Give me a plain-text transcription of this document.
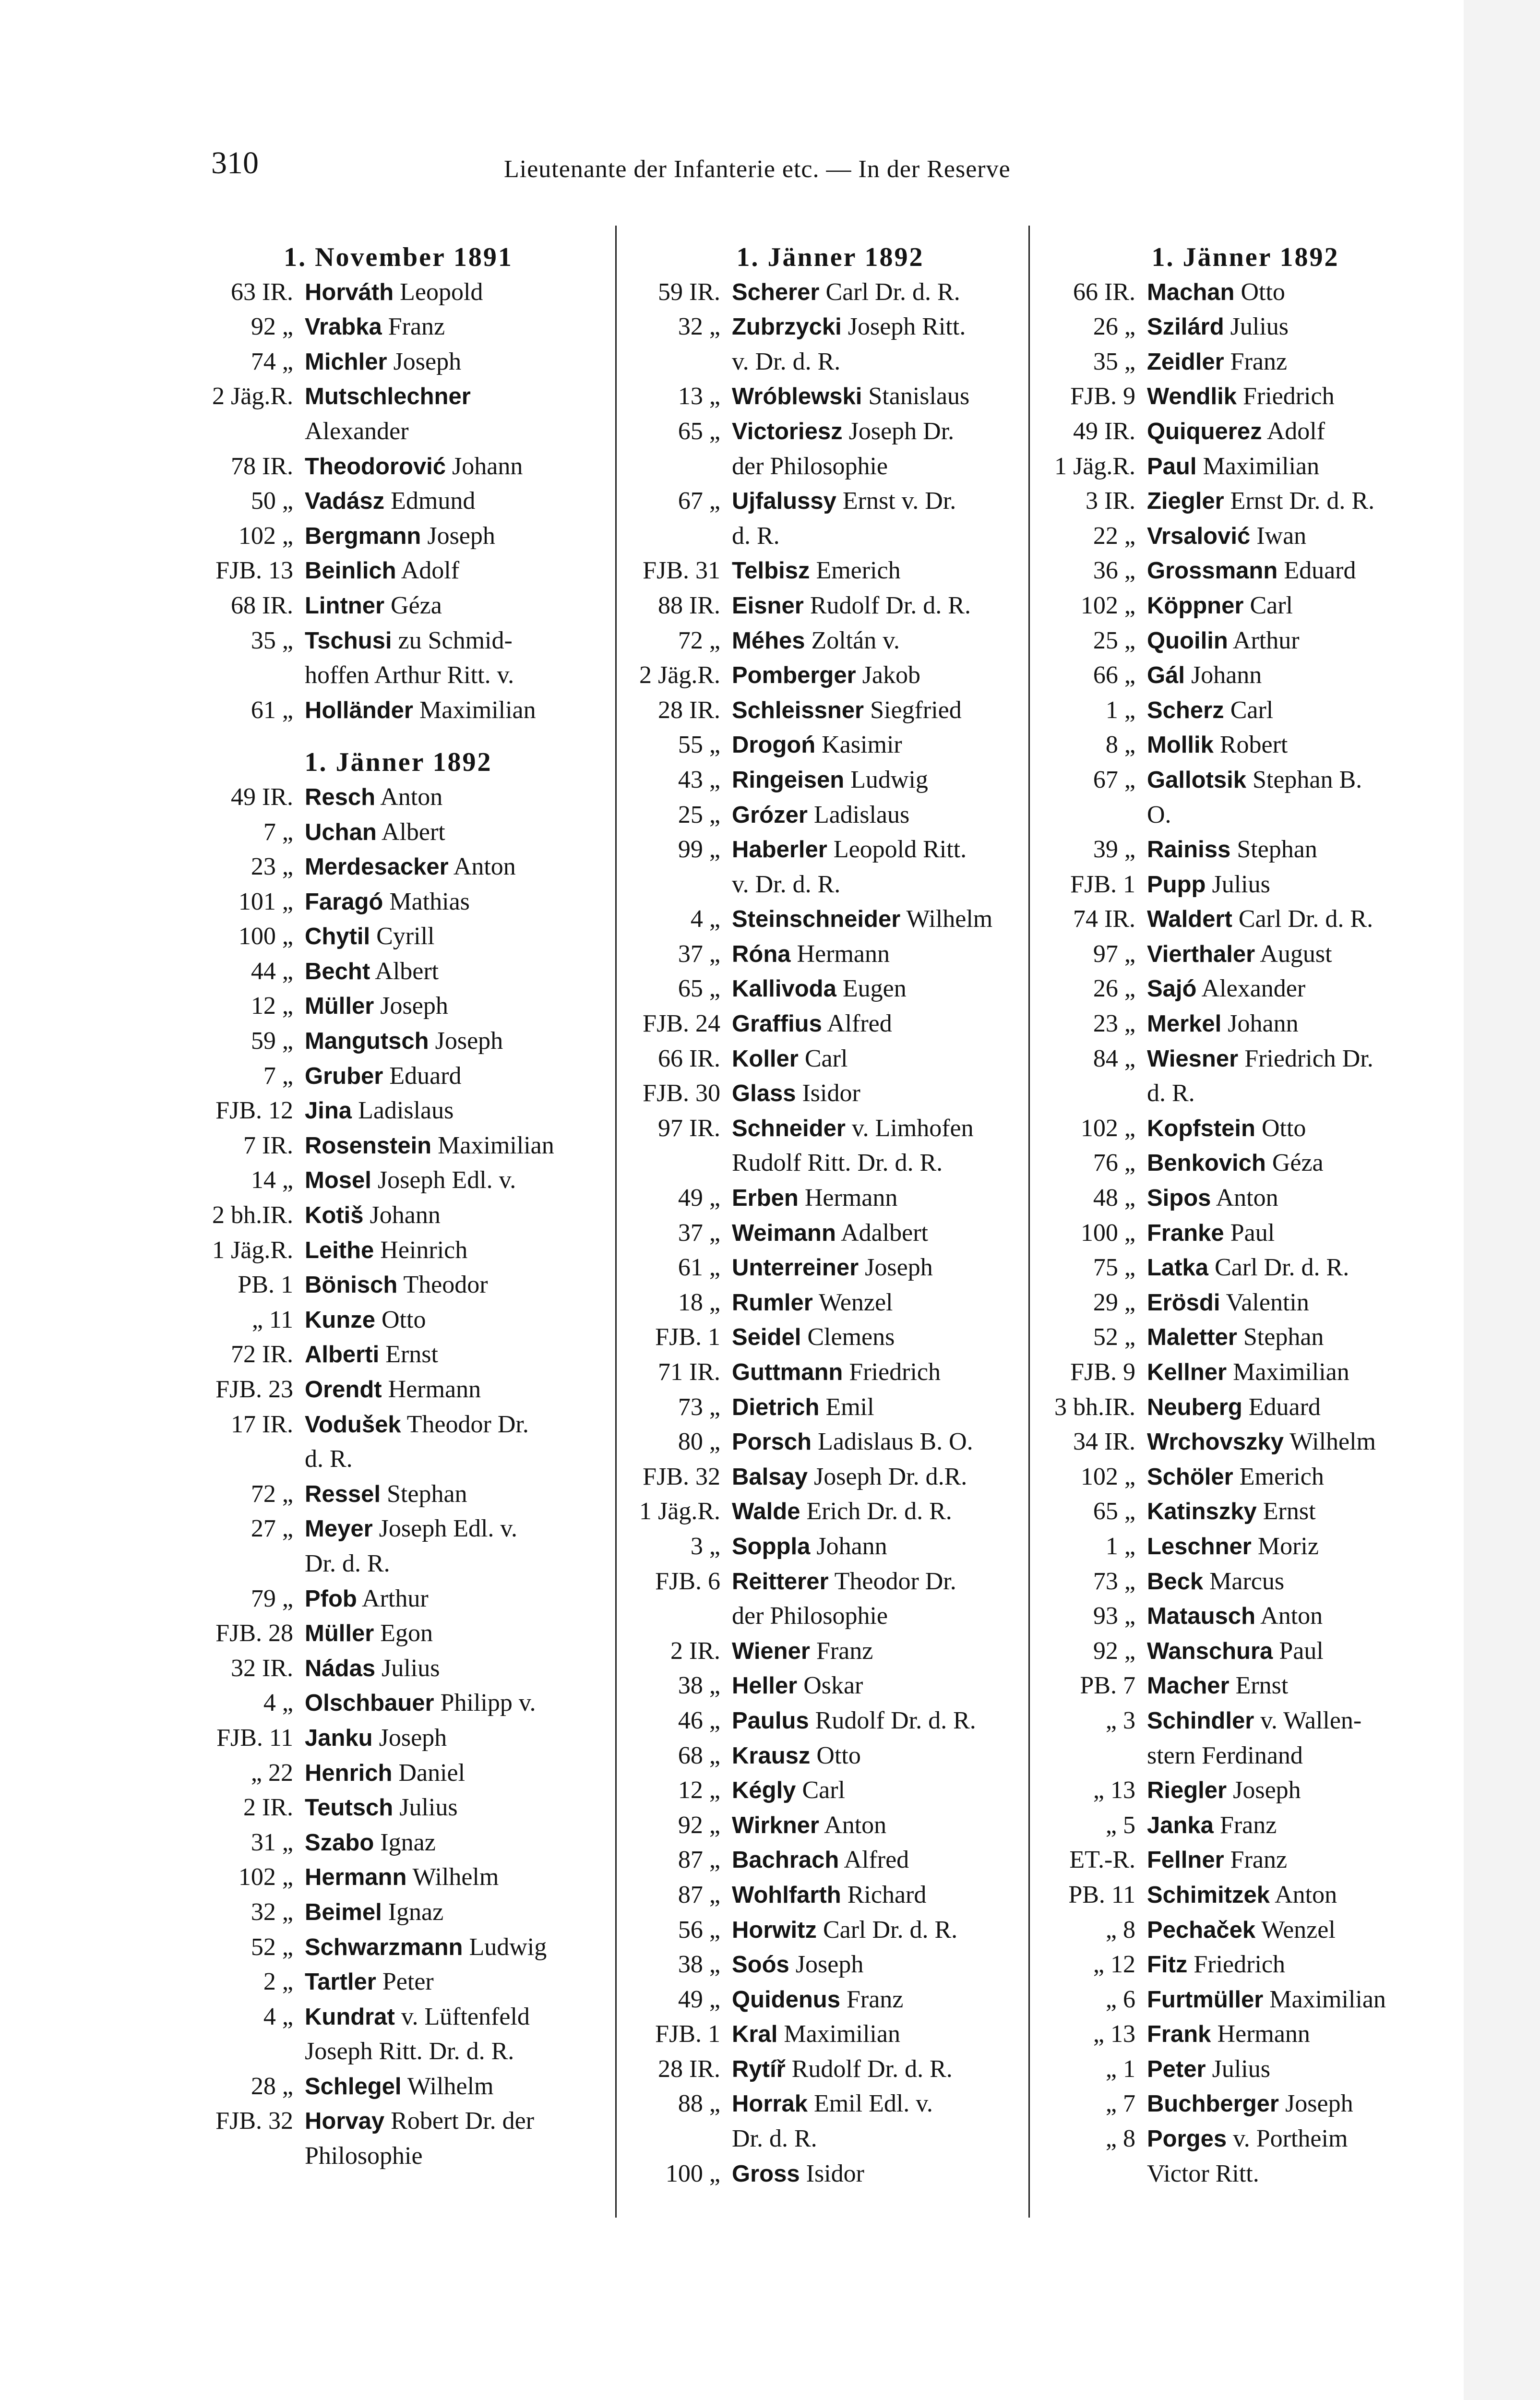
310	Lieutenante der Infanterie etc. — In der Reserve
1. November 1891
63 IR. Horváth Leopold
92 „ Vrabka Franz
74 „ Michler Joseph
2 Jäg.R. Mutschlechner
Alexander
78 IR. Theodorović Johann
50 „ Vadász Edmund
102 „ Bergmann Joseph
FJB. 13 Beinlich Adolf
68 IR. Lintner Géza
35 „ Tschusi zu Schmid-
hoffen Arthur Ritt. v.
61 „ Holländer Maximilian
1. Jänner 1892
49 IR. Resch Anton
7 „ Uchan Albert
23 „ Merdesacker Anton
101 „ Faragó Mathias
100 „ Chytil Cyrill
44 „ Becht Albert
12 „ Müller Joseph
59 „ Mangutsch Joseph
7 „ Gruber Eduard
FJB. 12 Jina Ladislaus
7 IR. Rosenstein Maximilian
14 „ Mosel Joseph Edl. v.
2 bh.IR. Kotiš Johann
1 Jäg.R. Leithe Heinrich
PB. 1 Bönisch Theodor
„ 11 Kunze Otto
72 IR. Alberti Ernst
FJB. 23 Orendt Hermann
17 IR. Vodušek Theodor Dr.
d. R.
72 „ Ressel Stephan
27 „ Meyer Joseph Edl. v.
Dr. d. R.
79 „ Pfob Arthur
FJB. 28 Müller Egon
32 IR. Nádas Julius
4 „ Olschbauer Philipp v.
FJB. 11 Janku Joseph
„ 22 Henrich Daniel
2 IR. Teutsch Julius
31 „ Szabo Ignaz
102 „ Hermann Wilhelm
32 „ Beimel Ignaz
52 „ Schwarzmann Ludwig
2 „ Tartler Peter
4 „ Kundrat v. Lüftenfeld
Joseph Ritt. Dr. d. R.
28 „ Schlegel Wilhelm
FJB. 32 Horvay Robert Dr. der
Philosophie
1. Jänner 1892
59 IR. Scherer Carl Dr. d. R.
32 „ Zubrzycki Joseph Ritt.
v. Dr. d. R.
13 „ Wróblewski Stanislaus
65 „ Victoriesz Joseph Dr.
der Philosophie
67 „ Ujfalussy Ernst v. Dr.
d. R.
FJB. 31 Telbisz Emerich
88 IR. Eisner Rudolf Dr. d. R.
72 „ Méhes Zoltán v.
2 Jäg.R. Pomberger Jakob
28 IR. Schleissner Siegfried
55 „ Drogoń Kasimir
43 „ Ringeisen Ludwig
25 „ Grózer Ladislaus
99 „ Haberler Leopold Ritt.
v. Dr. d. R.
4 „ Steinschneider Wilhelm
37 „ Róna Hermann
65 „ Kallivoda Eugen
FJB. 24 Graffius Alfred
66 IR. Koller Carl
FJB. 30 Glass Isidor
97 IR. Schneider v. Limhofen
Rudolf Ritt. Dr. d. R.
49 „ Erben Hermann
37 „ Weimann Adalbert
61 „ Unterreiner Joseph
18 „ Rumler Wenzel
FJB. 1 Seidel Clemens
71 IR. Guttmann Friedrich
73 „ Dietrich Emil
80 „ Porsch Ladislaus B. O.
FJB. 32 Balsay Joseph Dr. d.R.
1 Jäg.R. Walde Erich Dr. d. R.
3 „ Soppla Johann
FJB. 6 Reitterer Theodor Dr.
der Philosophie
2 IR. Wiener Franz
38 „ Heller Oskar
46 „ Paulus Rudolf Dr. d. R.
68 „ Krausz Otto
12 „ Kégly Carl
92 „ Wirkner Anton
87 „ Bachrach Alfred
87 „ Wohlfarth Richard
56 „ Horwitz Carl Dr. d. R.
38 „ Soós Joseph
49 „ Quidenus Franz
FJB. 1 Kral Maximilian
28 IR. Rytíř Rudolf Dr. d. R.
88 „ Horrak Emil Edl. v.
Dr. d. R.
100 „ Gross Isidor
1. Jänner 1892
66 IR. Machan Otto
26 „ Szilárd Julius
35 „ Zeidler Franz
FJB. 9 Wendlik Friedrich
49 IR. Quiquerez Adolf
1 Jäg.R. Paul Maximilian
3 IR. Ziegler Ernst Dr. d. R.
22 „ Vrsalović Iwan
36 „ Grossmann Eduard
102 „ Köppner Carl
25 „ Quoilin Arthur
66 „ Gál Johann
1 „ Scherz Carl
8 „ Mollik Robert
67 „ Gallotsik Stephan B.
O.
39 „ Rainiss Stephan
FJB. 1 Pupp Julius
74 IR. Waldert Carl Dr. d. R.
97 „ Vierthaler August
26 „ Sajó Alexander
23 „ Merkel Johann
84 „ Wiesner Friedrich Dr.
d. R.
102 „ Kopfstein Otto
76 „ Benkovich Géza
48 „ Sipos Anton
100 „ Franke Paul
75 „ Latka Carl Dr. d. R.
29 „ Erösdi Valentin
52 „ Maletter Stephan
FJB. 9 Kellner Maximilian
3 bh.IR. Neuberg Eduard
34 IR. Wrchovszky Wilhelm
102 „ Schöler Emerich
65 „ Katinszky Ernst
1 „ Leschner Moriz
73 „ Beck Marcus
93 „ Matausch Anton
92 „ Wanschura Paul
PB. 7 Macher Ernst
„ 3 Schindler v. Wallen-
stern Ferdinand
„ 13 Riegler Joseph
„ 5 Janka Franz
ET.-R. Fellner Franz
PB. 11 Schimitzek Anton
„ 8 Pechaček Wenzel
„ 12 Fitz Friedrich
„ 6 Furtmüller Maximilian
„ 13 Frank Hermann
„ 1 Peter Julius
„ 7 Buchberger Joseph
„ 8 Porges v. Portheim
Victor Ritt.
